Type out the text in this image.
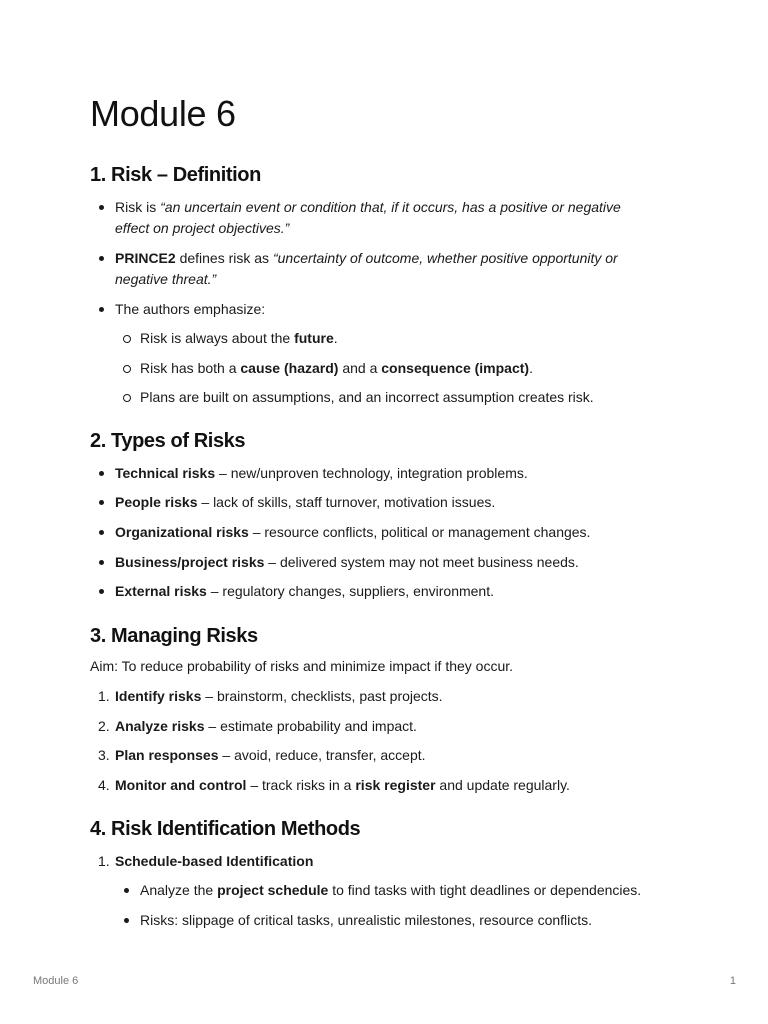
Module 6
1. Risk – Definition
Risk is “an uncertain event or condition that, if it occurs, has a positive or negative
effect on project objectives.”
PRINCE2 defines risk as “uncertainty of outcome, whether positive opportunity or
negative threat.”
The authors emphasize:
Risk is always about the future.
Risk has both a cause (hazard) and a consequence (impact).
Plans are built on assumptions, and an incorrect assumption creates risk.
2. Types of Risks
Technical risks – new/unproven technology, integration problems.
People risks – lack of skills, staff turnover, motivation issues.
Organizational risks – resource conflicts, political or management changes.
Business/project risks – delivered system may not meet business needs.
External risks – regulatory changes, suppliers, environment.
3. Managing Risks
Aim: To reduce probability of risks and minimize impact if they occur.
1. Identify risks – brainstorm, checklists, past projects.
2. Analyze risks – estimate probability and impact.
3. Plan responses – avoid, reduce, transfer, accept.
4. Monitor and control – track risks in a risk register and update regularly.
4. Risk Identification Methods
1. Schedule-based Identification
Analyze the project schedule to find tasks with tight deadlines or dependencies.
Risks: slippage of critical tasks, unrealistic milestones, resource conflicts.
Module 6	1
